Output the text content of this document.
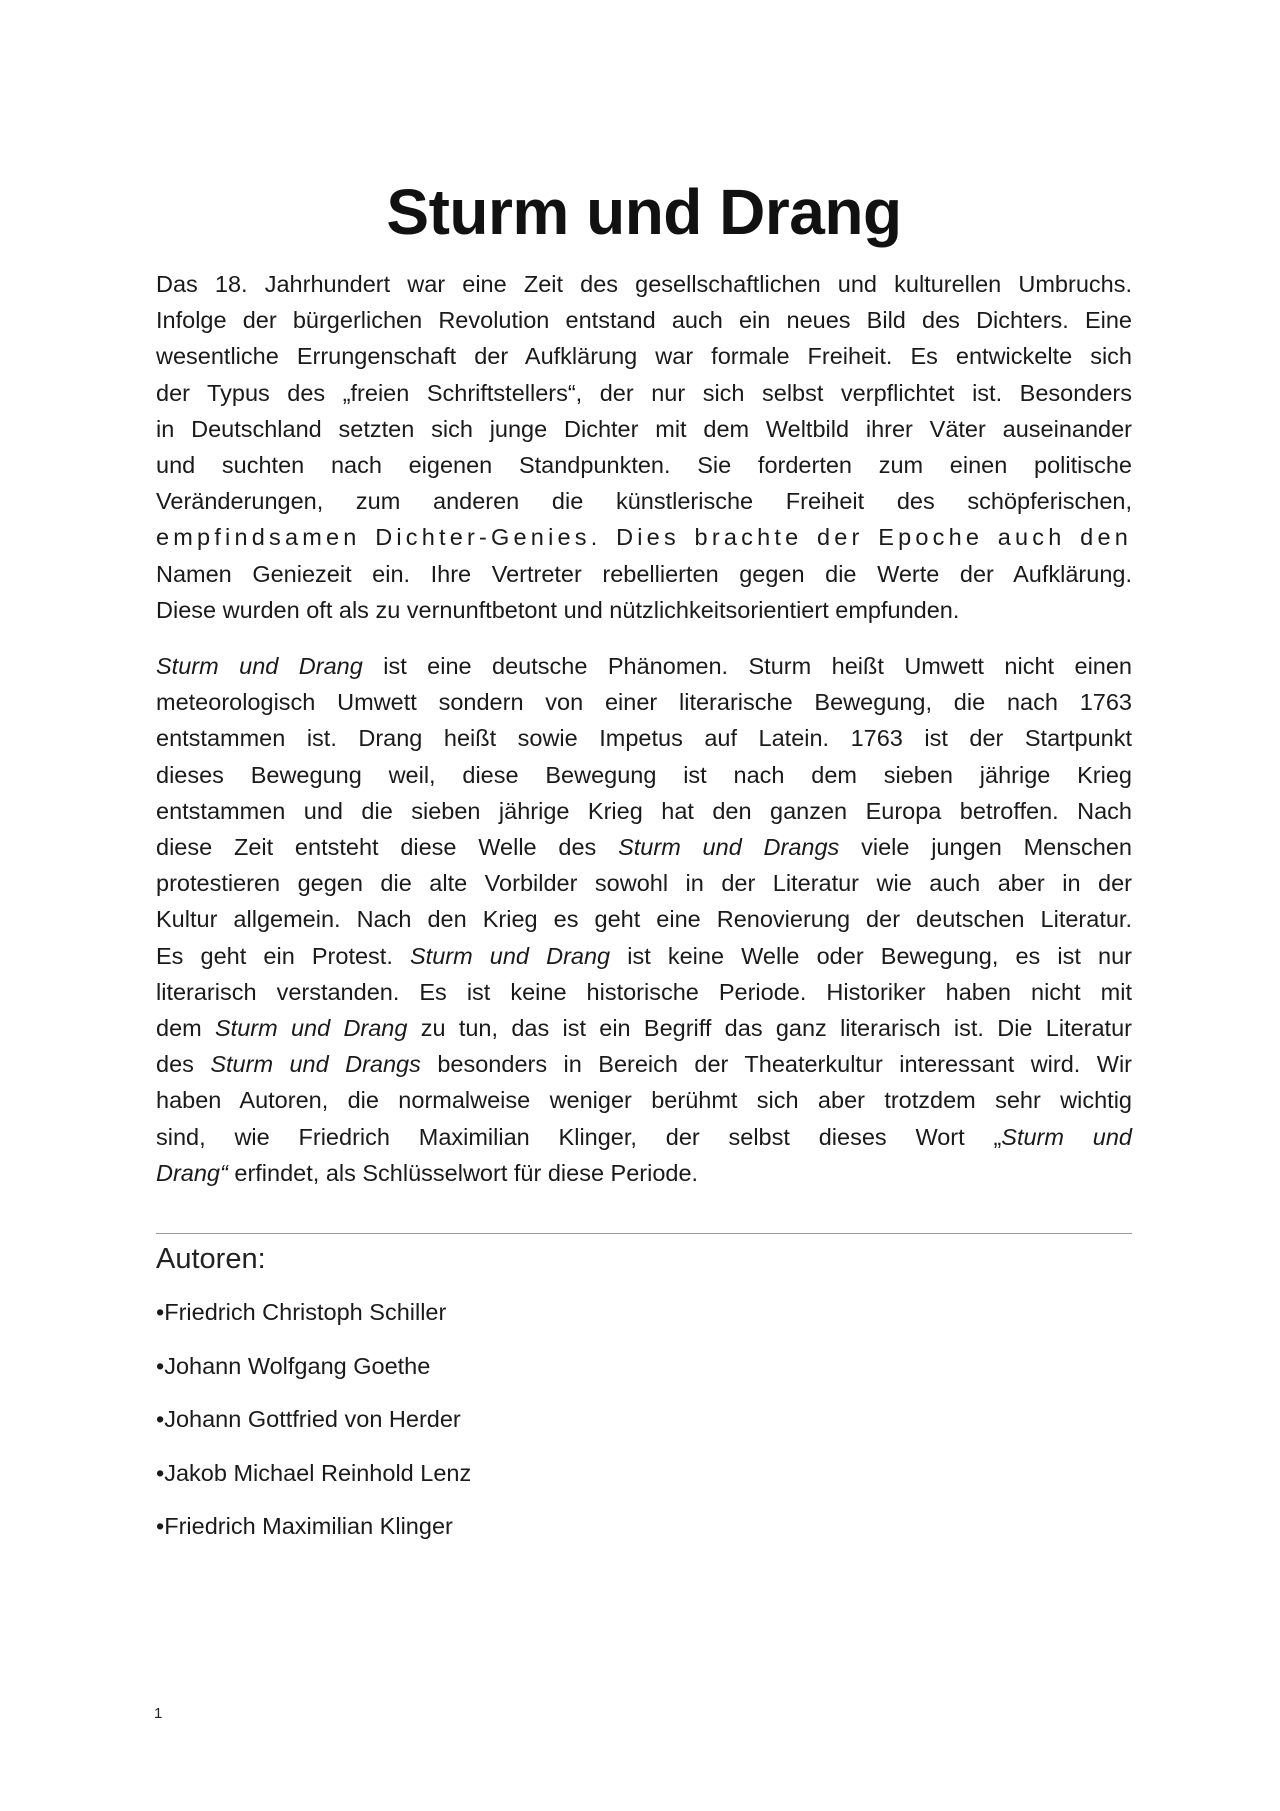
Sturm und Drang
Das 18. Jahrhundert war eine Zeit des gesellschaftlichen und kulturellen Umbruchs.
Infolge der bürgerlichen Revolution entstand auch ein neues Bild des Dichters. Eine
wesentliche Errungenschaft der Aufklärung war formale Freiheit. Es entwickelte sich
der Typus des „freien Schriftstellers“, der nur sich selbst verpflichtet ist. Besonders
in Deutschland setzten sich junge Dichter mit dem Weltbild ihrer Väter auseinander
und suchten nach eigenen Standpunkten. Sie forderten zum einen politische
Veränderungen, zum anderen die künstlerische Freiheit des schöpferischen,
empfindsamen Dichter-Genies. Dies brachte der Epoche auch den
Namen Geniezeit ein. Ihre Vertreter rebellierten gegen die Werte der Aufklärung.
Diese wurden oft als zu vernunftbetont und nützlichkeitsorientiert empfunden.
Sturm und Drang ist eine deutsche Phänomen. Sturm heißt Umwett nicht einen
meteorologisch Umwett sondern von einer literarische Bewegung, die nach 1763
entstammen ist. Drang heißt sowie Impetus auf Latein. 1763 ist der Startpunkt
dieses Bewegung weil, diese Bewegung ist nach dem sieben jährige Krieg
entstammen und die sieben jährige Krieg hat den ganzen Europa betroffen. Nach
diese Zeit entsteht diese Welle des Sturm und Drangs viele jungen Menschen
protestieren gegen die alte Vorbilder sowohl in der Literatur wie auch aber in der
Kultur allgemein. Nach den Krieg es geht eine Renovierung der deutschen Literatur.
Es geht ein Protest. Sturm und Drang ist keine Welle oder Bewegung, es ist nur
literarisch verstanden. Es ist keine historische Periode. Historiker haben nicht mit
dem Sturm und Drang zu tun, das ist ein Begriff das ganz literarisch ist. Die Literatur
des Sturm und Drangs besonders in Bereich der Theaterkultur interessant wird. Wir
haben Autoren, die normalweise weniger berühmt sich aber trotzdem sehr wichtig
sind, wie Friedrich Maximilian Klinger, der selbst dieses Wort „Sturm und
Drang“ erfindet, als Schlüsselwort für diese Periode.
Autoren:
•Friedrich Christoph Schiller
•Johann Wolfgang Goethe
•Johann Gottfried von Herder
•Jakob Michael Reinhold Lenz
•Friedrich Maximilian Klinger
1
